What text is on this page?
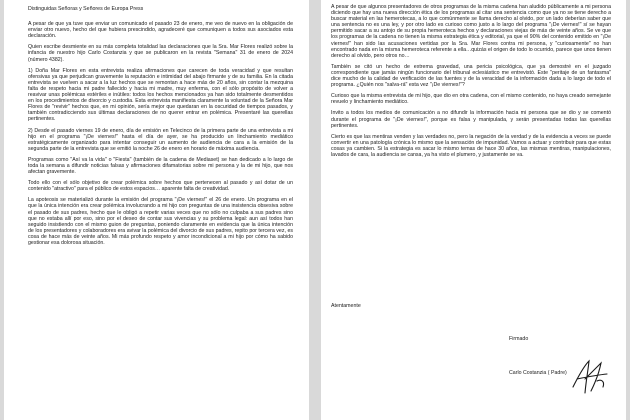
Distinguidas Señoras y Señores de Europa Press

A pesar de que ya tuve que enviar un comunicado el pasado 23 de enero, me veo de nuevo en la obligación de enviar otro nuevo, hecho del que hubiera prescindido, agradeceré que comuniquen a todos sus asociados esta declaración.

Quien escribe desmiente en su más completa totalidad las declaraciones que la Sra. Mar Flores realizó sobre la infancia de nuestro hijo Carlo Costanzia y que se publicaron en la revista "Semana" 31 de enero de 2024 (número 4382).

1) Doña Mar Flores en esta entrevista realiza afirmaciones que carecen de toda veracidad y que resultan ofensivas ya que perjudican gravemente la reputación e intimidad del abajo firmante y de su familia. En la citada entrevista se vuelven a sacar a la luz hechos que se remontan a hace más de 20 años, sin contar la mezquina falta de respeto hacia mi padre fallecido y hacia mi madre, muy enferma, con el sólo propósito de volver a reavivar unas polémicas estériles e inútiles: todos los hechos mencionados ya han sido totalmente desmentidos en los procedimientos de divorcio y custodia. Esta entrevista manifiesta claramente la voluntad de la Señora Mar Flores de "revivir" hechos que, en mi opinión, sería mejor que quedaran en la oscuridad de tiempos pasados, y también contradicciendo sus últimas declaraciones de no querer entrar en polémica. Presentaré las querellas pertinentes.

2) Desde el pasado viernes 19 de enero, día de emisión en Telecinco de la primera parte de una entrevista a mi hijo en el programa "¡De viernes!" hasta el día de ayer, se ha producido un linchamiento mediático estratégicamente organizado para intentar conseguir un aumento de audiencia de cara a la emisión de la segunda parte de la entrevista que se emitió la noche 26 de enero en horario de máxima audiencia.

Programas como "Así va la vida" o "Fiesta" (también de la cadena de Mediaset) se han dedicado a lo largo de toda la semana a difundir noticias falsas y afirmaciones difamatorias sobre mi persona y la de mi hijo, que nos afectan gravemente.

Todo ello con el sólo objetivo de crear polémica sobre hechos que pertenecen al pasado y así dotar de un contenido "atractivo" para el público de estos espacios… aparente falta de creatividad.

La apoteosis se materializó durante la emisión del programa "¡De viernes!" el 26 de enero. Un programa en el que la única intención era crear polémica involucrando a mi hijo con preguntas de una insistencia obsesiva sobre el pasado de sus padres, hecho que le obligó a repetir varias veces que no sólo no culpaba a sus padres sino que no estaba allí por eso, sino por el deseo de contar sus vivencias y su problema legal: aun así todos han seguido insistiendo con el mismo guion de preguntas, poniendo claramente en evidencia que la única intención de los presentadores y colaboradores era avivar la polémica del divorcio de sus padres, repito por tercera vez, es cosa de hace más de veinte años. Mi más profundo respeto y amor incondicional a mi hijo por cómo ha sabido gestionar esa dolorosa situación.

A pesar de que algunos presentadores de otros programas de la misma cadena han aludido públicamente a mi persona diciendo que hay una nueva dirección ética de los programas al citar una sentencia como que ya no se tiene derecho a buscar material en las hemerotecas, a lo que comúnmente se llama derecho al olvido, por un lado deberían saber que una sentencia no es una ley, y por otro lado es curioso como justo a lo largo del programa "¡De viernes!" sí se hayan permitido sacar a su antojo de su propia hemeroteca hechos y declaraciones viejas de más de veinte años. Se ve que los programas de la cadena no tienen la misma estrategia ética y editorial, ya que el 90% del contenido emitido en "¡De viernes!" han sido las acusaciones vertidas por la Sra. Mar Flores contra mi persona, y "curiosamente" no han encontrado nada en la misma hemeroteca referente a ella…quizás el origen de todo lo ocurrido, parece que unos tienen derecho al olvido, pero otros no…

También se citó un hecho de extrema gravedad, una pericia psicológica, que ya demostré en el juzgado correspondiente que jamás ningún funcionario del tribunal eclesiástico me entrevistó. Este "peritaje de un fantasma" dice mucho de la calidad de verificación de las fuentes y de la veracidad de la información dada a lo largo de todo el programa. ¿Quién nos "salva-rá" esta vez "¡De viernes!"?

Curioso que la misma entrevista de mi hijo, que dio en otra cadena, con el mismo contenido, no haya creado semejante revuelo y linchamiento mediático.

Invito a todos los medios de comunicación a no difundir la información hacia mi persona que se dio y se comentó durante el programa de "¡De viernes!", porque es falsa y manipulada, y serán presentadas todas las querellas pertinentes.

Cierto es que las mentiras venden y las verdades no, pero la negación de la verdad y de la evidencia a veces se puede convertir en una patología crónica lo mismo que la sensación de impunidad. Vamos a actuar y contribuir para que estas cosas ya cambien. Si la estrategia es sacar lo mismo temas de hace 30 años, las mismas mentiras, manipulaciones, lavados de cara, la audiencia se cansa, ya ha visto el plumero, y justamente se va.

Atentamente
Firmado
Carlo Costanzia ( Padre)
